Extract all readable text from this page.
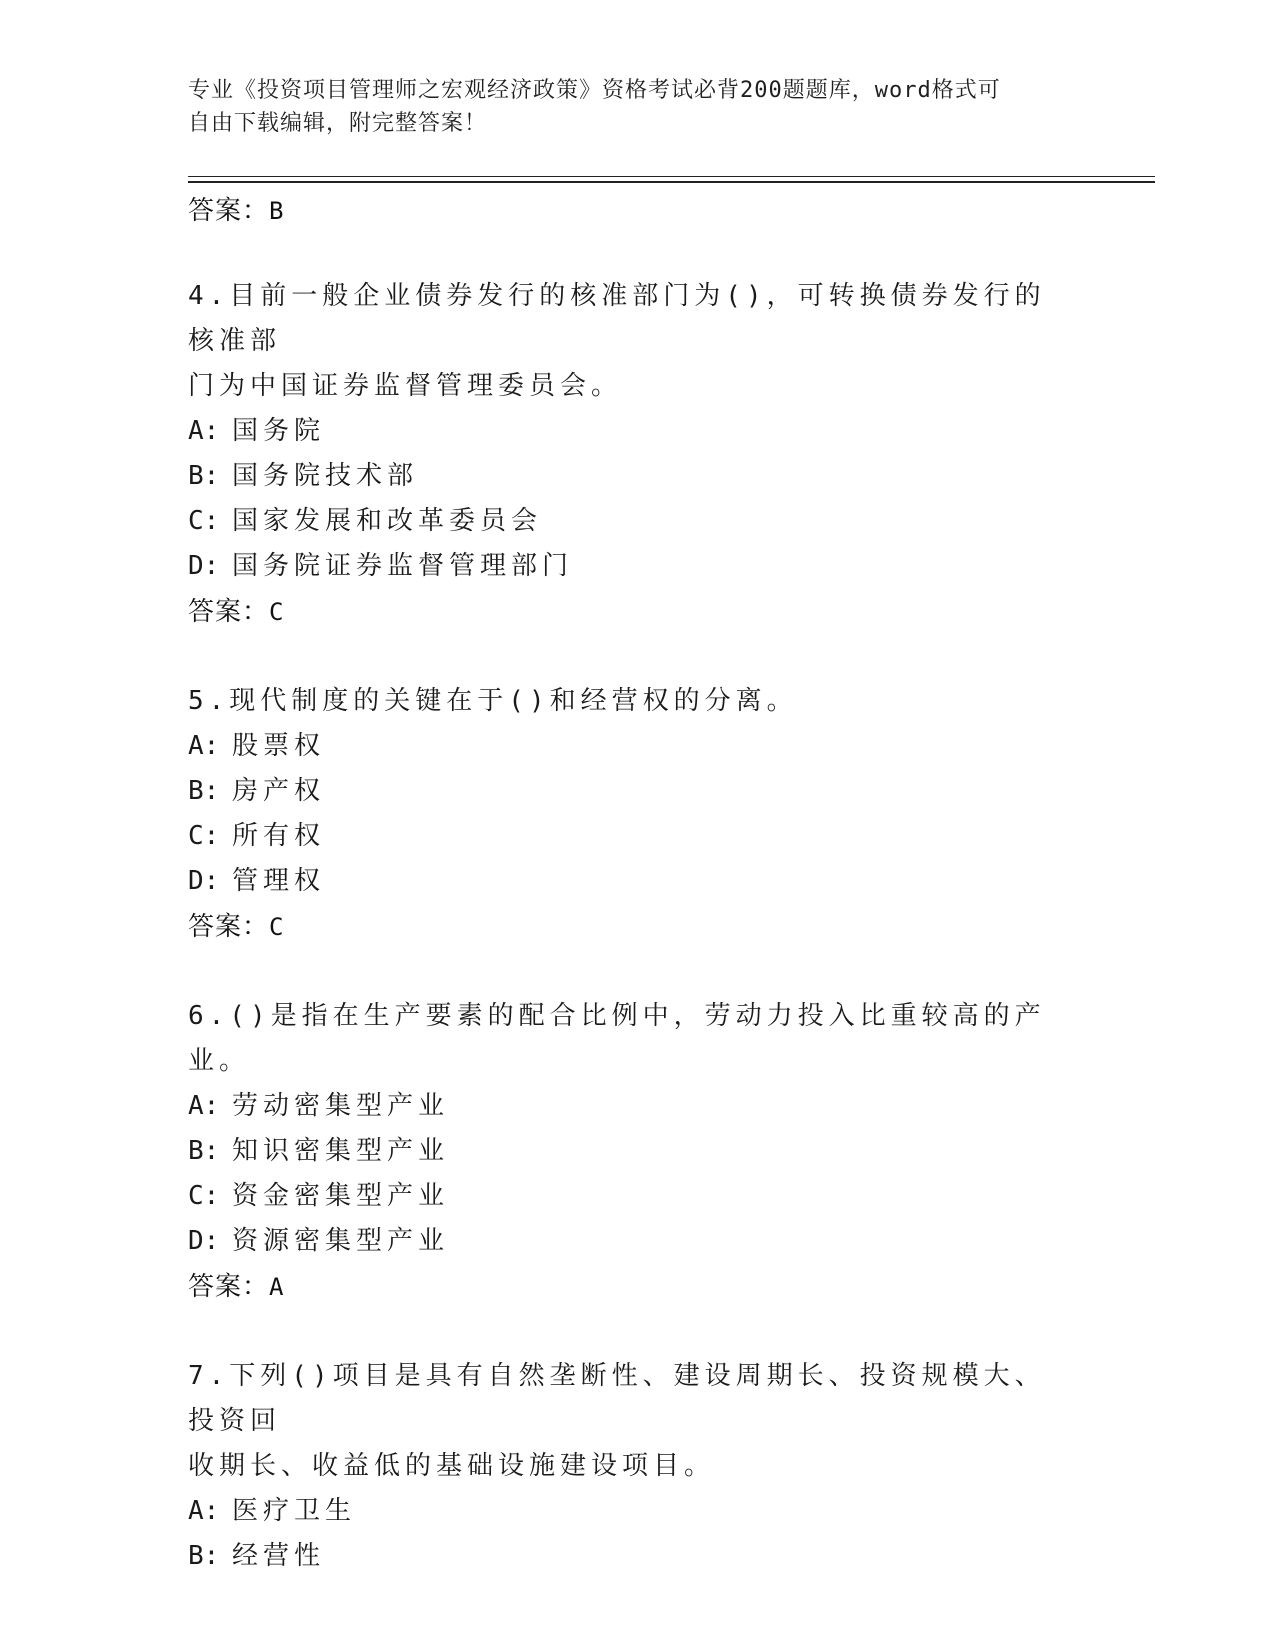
专业《投资项目管理师之宏观经济政策》资格考试必背200题题库，word格式可
自由下载编辑，附完整答案！
答案：B
4.目前一般企业债券发行的核准部门为()，可转换债券发行的核准部
门为中国证券监督管理委员会。
A: 国务院
B: 国务院技术部
C: 国家发展和改革委员会
D: 国务院证券监督管理部门
答案：C
5.现代制度的关键在于()和经营权的分离。
A: 股票权
B: 房产权
C: 所有权
D: 管理权
答案：C
6.()是指在生产要素的配合比例中，劳动力投入比重较高的产业。
A: 劳动密集型产业
B: 知识密集型产业
C: 资金密集型产业
D: 资源密集型产业
答案：A
7.下列()项目是具有自然垄断性、建设周期长、投资规模大、投资回
收期长、收益低的基础设施建设项目。
A: 医疗卫生
B: 经营性
